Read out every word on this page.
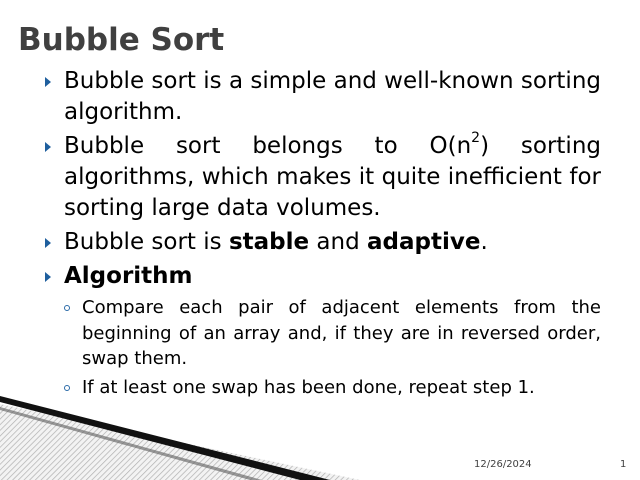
Bubble Sort
Bubble sort is a simple and well-known sorting algorithm.
Bubble sort belongs to $O(n^2)$ sorting algorithms, which makes it quite inefficient for sorting large data volumes.
Bubble sort is stable and adaptive.
Algorithm
Compare each pair of adjacent elements from the beginning of an array and, if they are in reversed order, swap them.
If at least one swap has been done, repeat step 1.
12/26/2024	1
